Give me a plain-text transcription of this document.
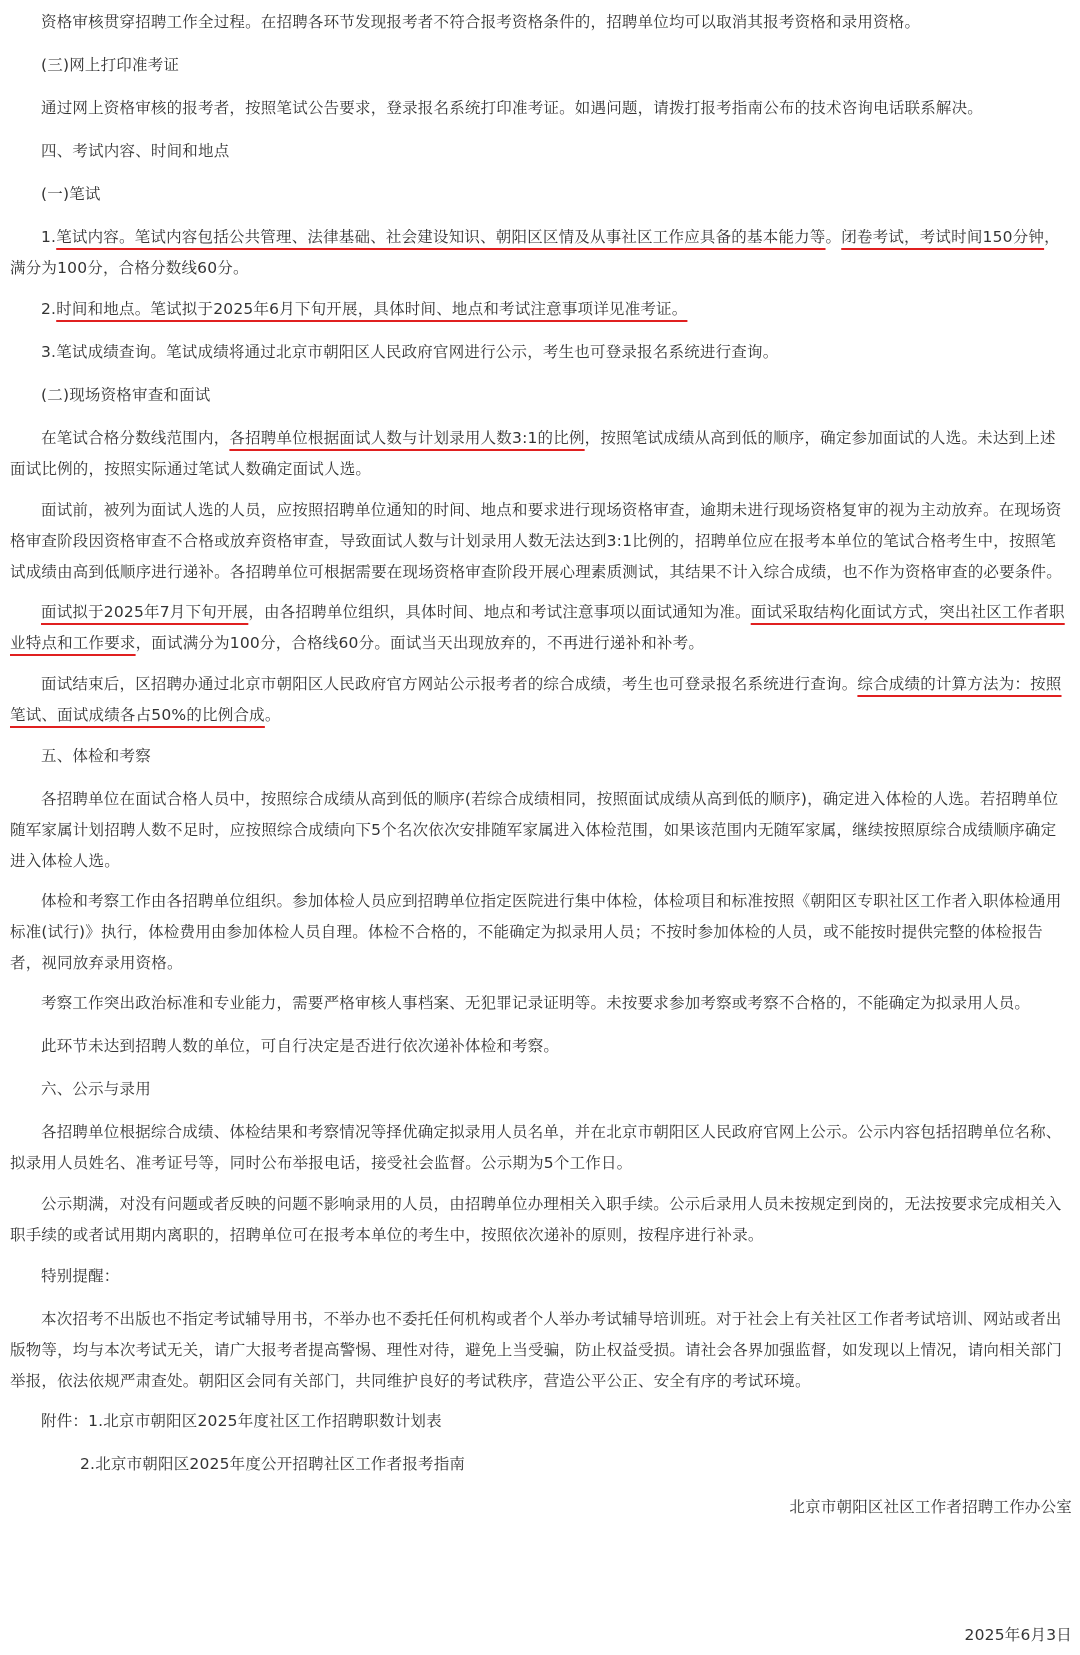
资格审核贯穿招聘工作全过程。在招聘各环节发现报考者不符合报考资格条件的，招聘单位均可以取消其报考资格和录用资格。

(三)网上打印准考证

通过网上资格审核的报考者，按照笔试公告要求，登录报名系统打印准考证。如遇问题，请拨打报考指南公布的技术咨询电话联系解决。

四、考试内容、时间和地点

(一)笔试

1.笔试内容。笔试内容包括公共管理、法律基础、社会建设知识、朝阳区区情及从事社区工作应具备的基本能力等。闭卷考试，考试时间150分钟，满分为100分，合格分数线60分。

2.时间和地点。笔试拟于2025年6月下旬开展，具体时间、地点和考试注意事项详见准考证。

3.笔试成绩查询。笔试成绩将通过北京市朝阳区人民政府官网进行公示，考生也可登录报名系统进行查询。

(二)现场资格审查和面试

在笔试合格分数线范围内，各招聘单位根据面试人数与计划录用人数3:1的比例，按照笔试成绩从高到低的顺序，确定参加面试的人选。未达到上述面试比例的，按照实际通过笔试人数确定面试人选。

面试前，被列为面试人选的人员，应按照招聘单位通知的时间、地点和要求进行现场资格审查，逾期未进行现场资格复审的视为主动放弃。在现场资格审查阶段因资格审查不合格或放弃资格审查，导致面试人数与计划录用人数无法达到3:1比例的，招聘单位应在报考本单位的笔试合格考生中，按照笔试成绩由高到低顺序进行递补。各招聘单位可根据需要在现场资格审查阶段开展心理素质测试，其结果不计入综合成绩，也不作为资格审查的必要条件。

面试拟于2025年7月下旬开展，由各招聘单位组织，具体时间、地点和考试注意事项以面试通知为准。面试采取结构化面试方式，突出社区工作者职业特点和工作要求，面试满分为100分，合格线60分。面试当天出现放弃的，不再进行递补和补考。

面试结束后，区招聘办通过北京市朝阳区人民政府官方网站公示报考者的综合成绩，考生也可登录报名系统进行查询。综合成绩的计算方法为：按照笔试、面试成绩各占50%的比例合成。

五、体检和考察

各招聘单位在面试合格人员中，按照综合成绩从高到低的顺序(若综合成绩相同，按照面试成绩从高到低的顺序)，确定进入体检的人选。若招聘单位随军家属计划招聘人数不足时，应按照综合成绩向下5个名次依次安排随军家属进入体检范围，如果该范围内无随军家属，继续按照原综合成绩顺序确定进入体检人选。

体检和考察工作由各招聘单位组织。参加体检人员应到招聘单位指定医院进行集中体检，体检项目和标准按照《朝阳区专职社区工作者入职体检通用标准(试行)》执行，体检费用由参加体检人员自理。体检不合格的，不能确定为拟录用人员；不按时参加体检的人员，或不能按时提供完整的体检报告者，视同放弃录用资格。

考察工作突出政治标准和专业能力，需要严格审核人事档案、无犯罪记录证明等。未按要求参加考察或考察不合格的，不能确定为拟录用人员。

此环节未达到招聘人数的单位，可自行决定是否进行依次递补体检和考察。

六、公示与录用

各招聘单位根据综合成绩、体检结果和考察情况等择优确定拟录用人员名单，并在北京市朝阳区人民政府官网上公示。公示内容包括招聘单位名称、拟录用人员姓名、准考证号等，同时公布举报电话，接受社会监督。公示期为5个工作日。

公示期满，对没有问题或者反映的问题不影响录用的人员，由招聘单位办理相关入职手续。公示后录用人员未按规定到岗的，无法按要求完成相关入职手续的或者试用期内离职的，招聘单位可在报考本单位的考生中，按照依次递补的原则，按程序进行补录。

特别提醒：

本次招考不出版也不指定考试辅导用书，不举办也不委托任何机构或者个人举办考试辅导培训班。对于社会上有关社区工作者考试培训、网站或者出版物等，均与本次考试无关，请广大报考者提高警惕、理性对待，避免上当受骗，防止权益受损。请社会各界加强监督，如发现以上情况，请向相关部门举报，依法依规严肃查处。朝阳区会同有关部门，共同维护良好的考试秩序，营造公平公正、安全有序的考试环境。

附件：1.北京市朝阳区2025年度社区工作招聘职数计划表

2.北京市朝阳区2025年度公开招聘社区工作者报考指南

北京市朝阳区社区工作者招聘工作办公室

2025年6月3日
